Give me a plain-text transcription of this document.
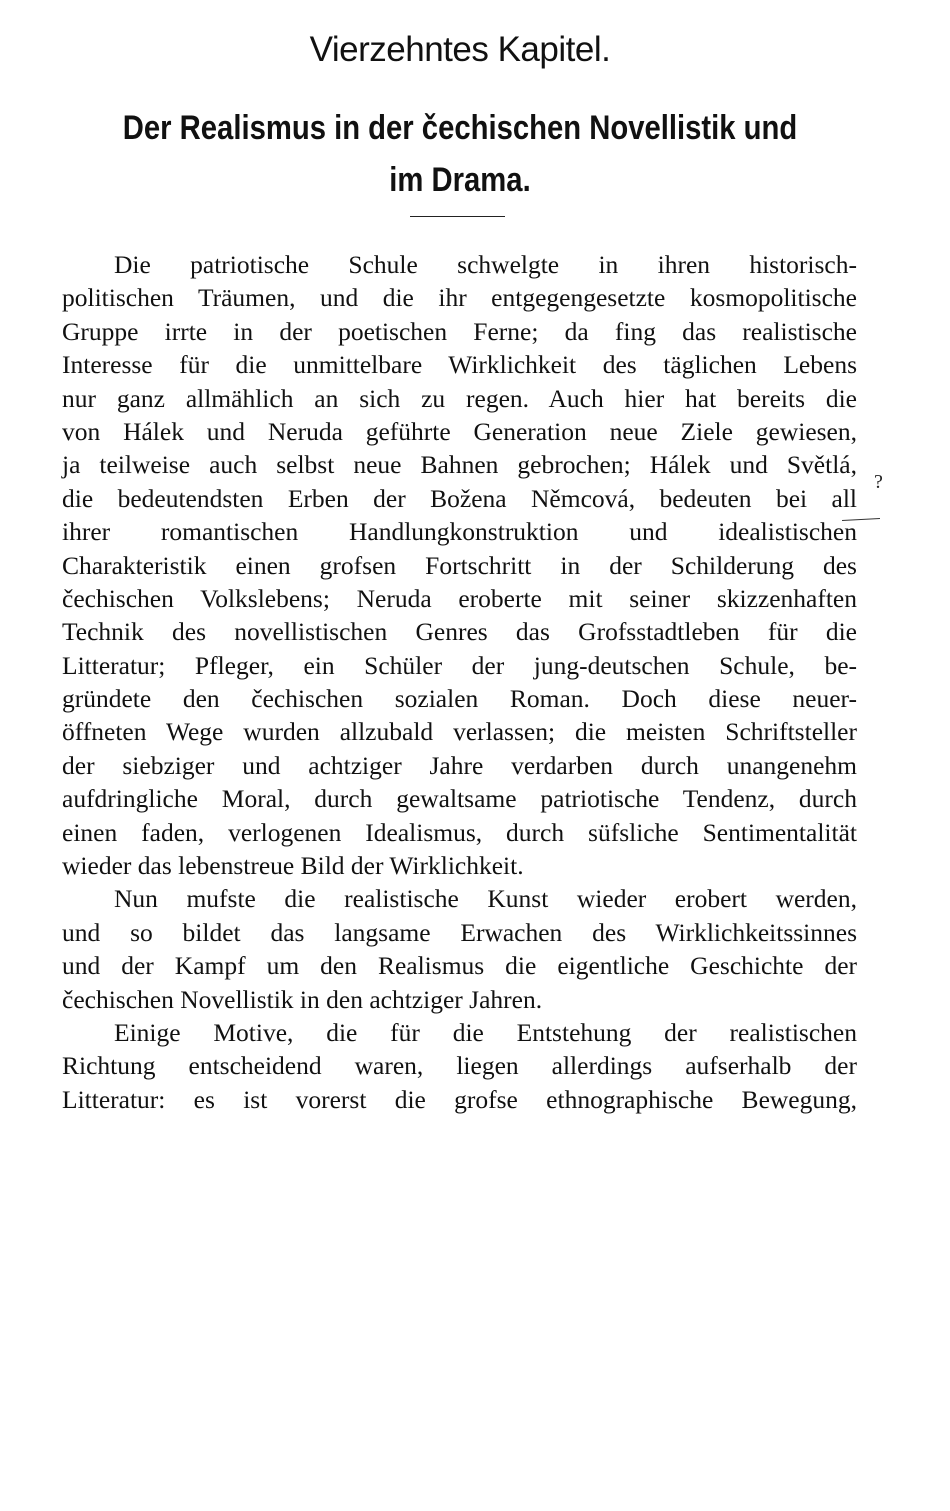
Vierzehntes Kapitel.
Der Realismus in der čechischen Novellistik und
im Drama.
Die patriotische Schule schwelgte in ihren historisch-
politischen Träumen, und die ihr entgegengesetzte kosmopolitische
Gruppe irrte in der poetischen Ferne; da fing das realistische
Interesse für die unmittelbare Wirklichkeit des täglichen Lebens
nur ganz allmählich an sich zu regen. Auch hier hat bereits die
von Hálek und Neruda geführte Generation neue Ziele gewiesen,
ja teilweise auch selbst neue Bahnen gebrochen; Hálek und Světlá,
die bedeutendsten Erben der Božena Němcová, bedeuten bei all
ihrer romantischen Handlungkonstruktion und idealistischen
Charakteristik einen grofsen Fortschritt in der Schilderung des
čechischen Volkslebens; Neruda eroberte mit seiner skizzenhaften
Technik des novellistischen Genres das Grofsstadtleben für die
Litteratur; Pfleger, ein Schüler der jung-deutschen Schule, be-
gründete den čechischen sozialen Roman. Doch diese neuer-
öffneten Wege wurden allzubald verlassen; die meisten Schriftsteller
der siebziger und achtziger Jahre verdarben durch unangenehm
aufdringliche Moral, durch gewaltsame patriotische Tendenz, durch
einen faden, verlogenen Idealismus, durch süfsliche Sentimentalität
wieder das lebenstreue Bild der Wirklichkeit.
Nun mufste die realistische Kunst wieder erobert werden,
und so bildet das langsame Erwachen des Wirklichkeitssinnes
und der Kampf um den Realismus die eigentliche Geschichte der
čechischen Novellistik in den achtziger Jahren.
Einige Motive, die für die Entstehung der realistischen
Richtung entscheidend waren, liegen allerdings aufserhalb der
Litteratur: es ist vorerst die grofse ethnographische Bewegung,
?
